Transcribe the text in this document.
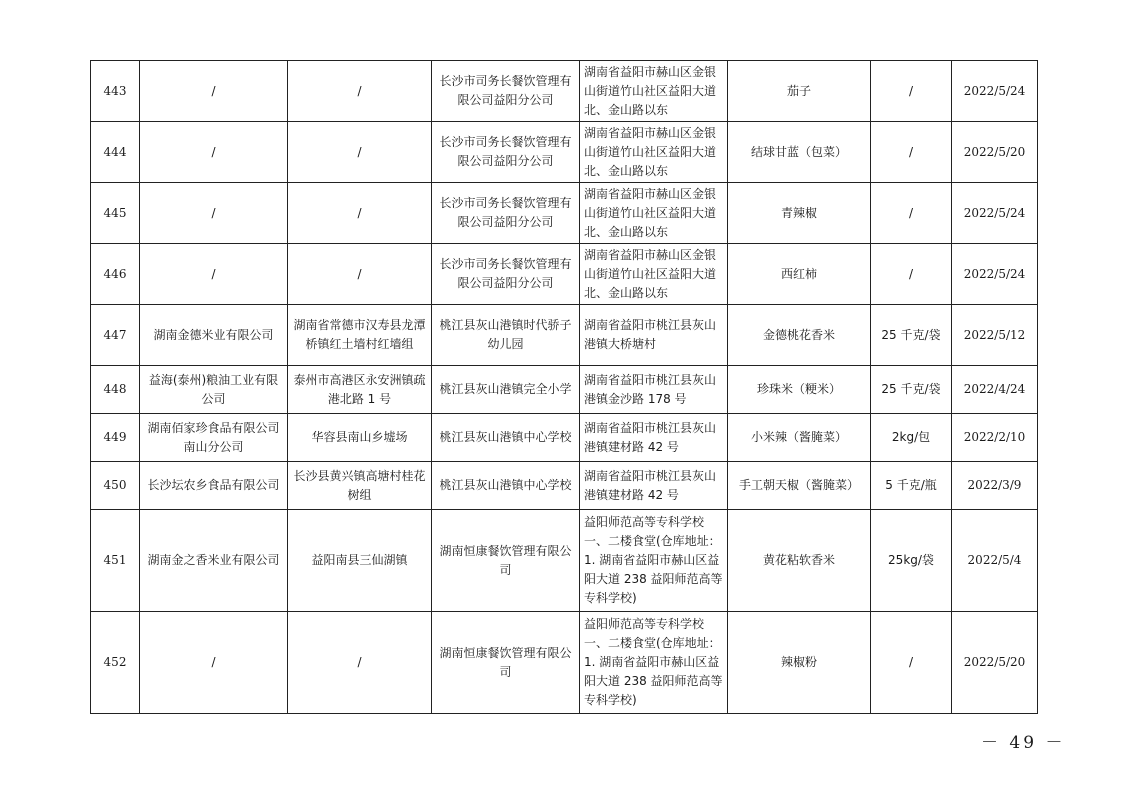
443	/	/	长沙市司务长餐饮管理有限公司益阳分公司	湖南省益阳市赫山区金银山街道竹山社区益阳大道北、金山路以东	茄子	/	2022/5/24
444	/	/	长沙市司务长餐饮管理有限公司益阳分公司	湖南省益阳市赫山区金银山街道竹山社区益阳大道北、金山路以东	结球甘蓝（包菜）	/	2022/5/20
445	/	/	长沙市司务长餐饮管理有限公司益阳分公司	湖南省益阳市赫山区金银山街道竹山社区益阳大道北、金山路以东	青辣椒	/	2022/5/24
446	/	/	长沙市司务长餐饮管理有限公司益阳分公司	湖南省益阳市赫山区金银山街道竹山社区益阳大道北、金山路以东	西红柿	/	2022/5/24
447	湖南金德米业有限公司	湖南省常德市汉寿县龙潭桥镇红土墙村红墙组	桃江县灰山港镇时代骄子幼儿园	湖南省益阳市桃江县灰山港镇大桥塘村	金德桃花香米	25 千克/袋	2022/5/12
448	益海(泰州)粮油工业有限公司	泰州市高港区永安洲镇疏港北路 1 号	桃江县灰山港镇完全小学	湖南省益阳市桃江县灰山港镇金沙路 178 号	珍珠米（粳米）	25 千克/袋	2022/4/24
449	湖南佰家珍食品有限公司南山分公司	华容县南山乡墟场	桃江县灰山港镇中心学校	湖南省益阳市桃江县灰山港镇建材路 42 号	小米辣（酱腌菜）	2kg/包	2022/2/10
450	长沙坛农乡食品有限公司	长沙县黄兴镇高塘村桂花树组	桃江县灰山港镇中心学校	湖南省益阳市桃江县灰山港镇建材路 42 号	手工朝天椒（酱腌菜）	5 千克/瓶	2022/3/9
451	湖南金之香米业有限公司	益阳南县三仙湖镇	湖南恒康餐饮管理有限公司	益阳师范高等专科学校一、二楼食堂(仓库地址：1. 湖南省益阳市赫山区益阳大道 238 益阳师范高等专科学校)	黄花粘软香米	25kg/袋	2022/5/4
452	/	/	湖南恒康餐饮管理有限公司	益阳师范高等专科学校一、二楼食堂(仓库地址：1. 湖南省益阳市赫山区益阳大道 238 益阳师范高等专科学校)	辣椒粉	/	2022/5/20
－ 49 －
